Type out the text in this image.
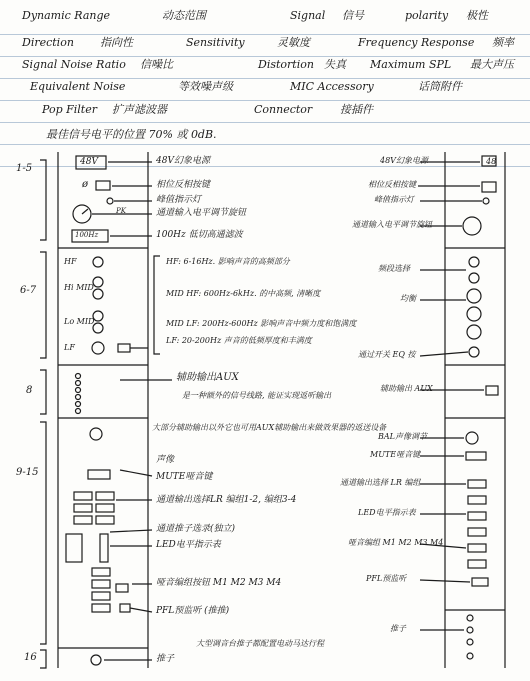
Dynamic Range	动态范围	Signal 信号	polarity 极性
Direction 指向性	Sensitivity	灵敏度	Frequency Response 频率
Signal Noise Ratio 信噪比	Distortion 失真 Maximum SPL 最大声压
Equivalent Noise	等效噪声级	MIC Accessory	话筒附件
Pop Filter 扩声滤波器	Connector	接插件
最佳信号电平的位置 70% 或 0dB.
1-5
6-7
8
9-15
16
48V
ø
PK
100Hz
HF
Hi MID
Lo MID
LF
48V幻象电源
相位反相按键
峰值指示灯
通道输入电平调节旋钮
100Hz 低切高通滤波
HF: 6-16Hz. 影响声音的高频部分
MID HF: 600Hz-6kHz. 的中高频, 清晰度
MID LF: 200Hz-600Hz 影响声音中频力度和饱满度
LF: 20-200Hz 声音的低频厚度和丰满度
辅助输出AUX
是一种额外的信号线路, 能证实现返听输出
大部分辅助输出以外它也可用AUX辅助输出来做效果器的返送设备
声像
MUTE哑音键
通道输出选择LR 编组1-2, 编组3-4
通道推子选录(独立)
LED电平指示表
哑音编组按钮 M1 M2 M3 M4
PFL预监听 (推推)
推子
大型调音台推子都配置电动马达行程
48
48V幻象电源
相位反相按键
峰值指示灯
通道输入电平调节旋钮
频段选择
均衡
通过开关 EQ 按
辅助输出 AUX
BAL声像调节
MUTE哑音键
通道输出选择 LR 编组
LED电平指示表
哑音编组 M1 M2 M3 M4
PFL预监听
推子
